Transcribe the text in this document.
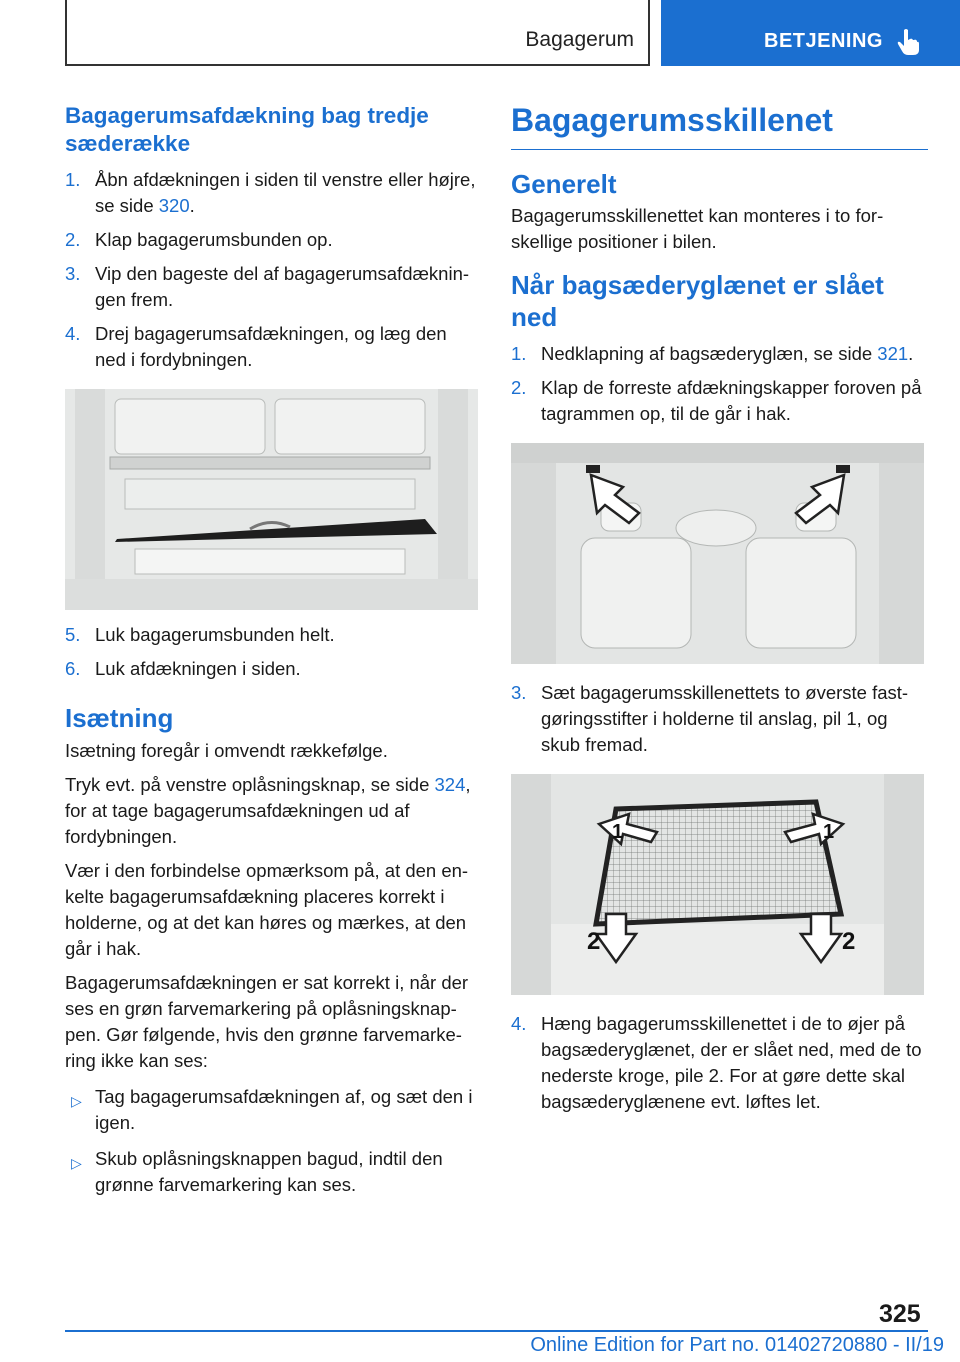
Bagagerum	BETJENING
Bagagerumsafdækning bag tredje sæderække
1. Åbn afdækningen i siden til venstre eller højre, se side 320.
2. Klap bagagerumsbunden op.
3. Vip den bageste del af bagagerumsafdæknin-gen frem.
4. Drej bagagerumsafdækningen, og læg den ned i fordybningen.
5. Luk bagagerumsbunden helt.
6. Luk afdækningen i siden.
Isætning

Isætning foregår i omvendt rækkefølge.

Tryk evt. på venstre oplåsningsknap, se side 324, for at tage bagagerumsafdækningen ud af fordybningen.

Vær i den forbindelse opmærksom på, at den en-kelte bagagerumsafdækning placeres korrekt i holderne, og at det kan høres og mærkes, at den går i hak.

Bagagerumsafdækningen er sat korrekt i, når der ses en grøn farvemarkering på oplåsningsknap-pen. Gør følgende, hvis den grønne farvemarke-ring ikke kan ses:

▷ Tag bagagerumsafdækningen af, og sæt den i igen.
▷ Skub oplåsningsknappen bagud, indtil den grønne farvemarkering kan ses.
Bagagerumsskillenet
Generelt

Bagagerumsskillenettet kan monteres i to for-skellige positioner i bilen.

Når bagsæderyglænet er slået ned
1. Nedklapning af bagsæderyglæn, se side 321.
2. Klap de forreste afdækningskapper foroven på tagrammen op, til de går i hak.
3. Sæt bagagerumsskillenettets to øverste fast-gøringsstifter i holderne til anslag, pil 1, og skub fremad.
1	1
2	2
4. Hæng bagagerumsskillenettet i de to øjer på bagsæderyglænet, der er slået ned, med de to nederste kroge, pile 2. For at gøre dette skal bagsæderyglænene evt. løftes let.
325
Online Edition for Part no. 01402720880 - II/19
